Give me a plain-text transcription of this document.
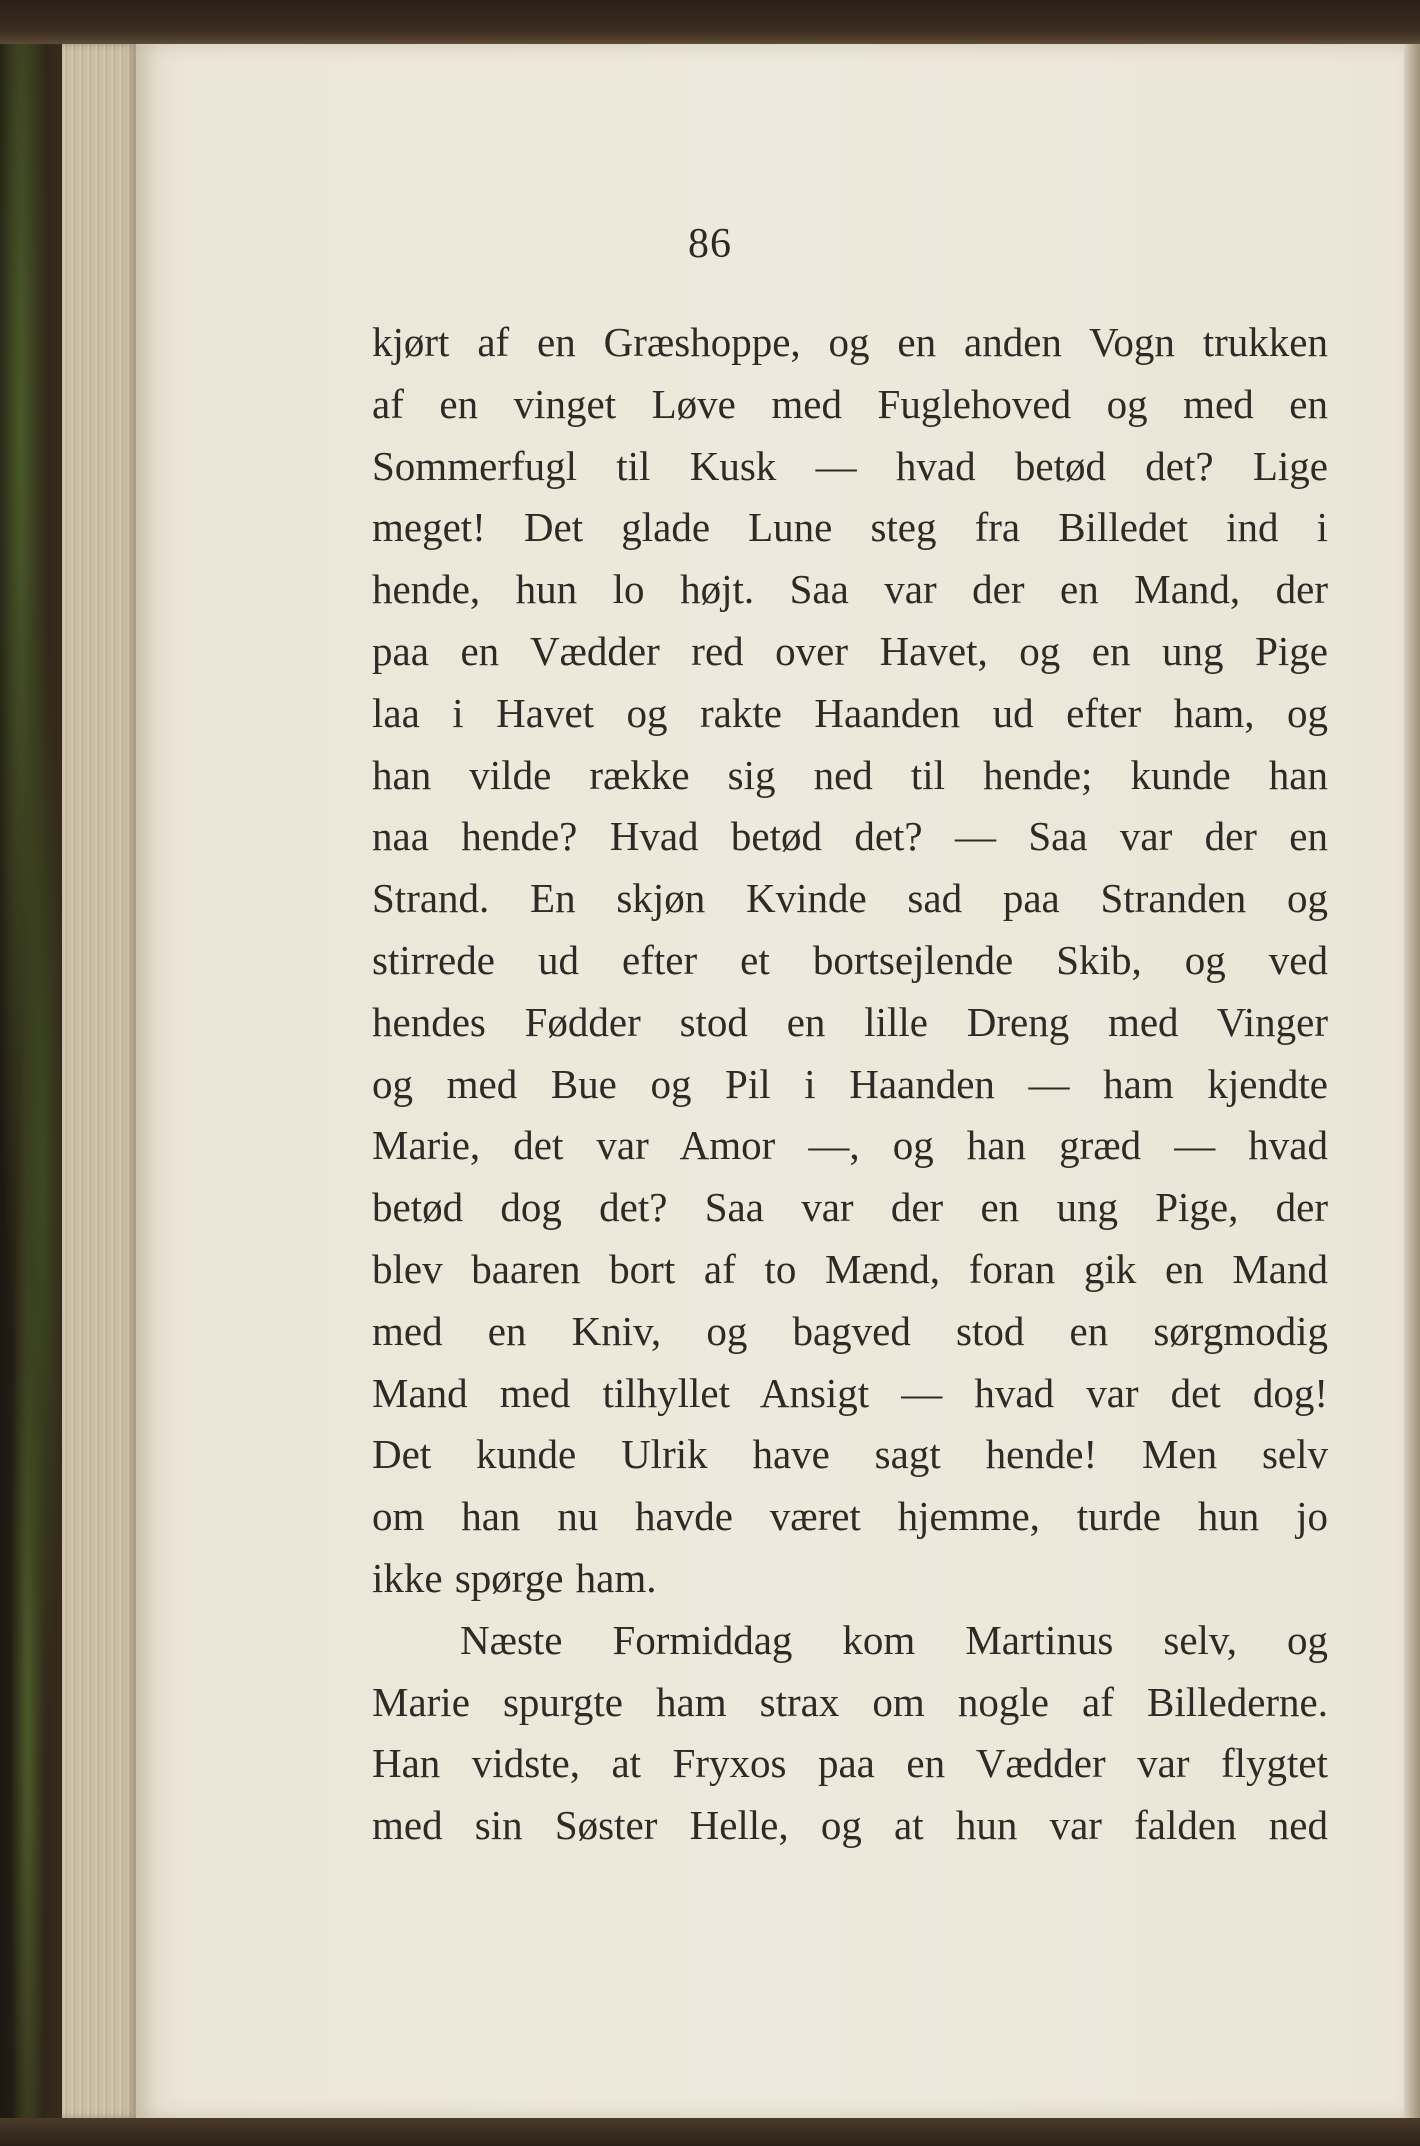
86
kjørt af en Græshoppe, og en anden Vogn trukken
af en vinget Løve med Fuglehoved og med en
Sommerfugl til Kusk — hvad betød det? Lige
meget! Det glade Lune steg fra Billedet ind i
hende, hun lo højt. Saa var der en Mand, der
paa en Vædder red over Havet, og en ung Pige
laa i Havet og rakte Haanden ud efter ham, og
han vilde række sig ned til hende; kunde han
naa hende? Hvad betød det? — Saa var der en
Strand. En skjøn Kvinde sad paa Stranden og
stirrede ud efter et bortsejlende Skib, og ved
hendes Fødder stod en lille Dreng med Vinger
og med Bue og Pil i Haanden — ham kjendte
Marie, det var Amor —, og han græd — hvad
betød dog det? Saa var der en ung Pige, der
blev baaren bort af to Mænd, foran gik en Mand
med en Kniv, og bagved stod en sørgmodig
Mand med tilhyllet Ansigt — hvad var det dog!
Det kunde Ulrik have sagt hende! Men selv
om han nu havde været hjemme, turde hun jo
ikke spørge ham.
Næste Formiddag kom Martinus selv, og
Marie spurgte ham strax om nogle af Billederne.
Han vidste, at Fryxos paa en Vædder var flygtet
med sin Søster Helle, og at hun var falden ned
